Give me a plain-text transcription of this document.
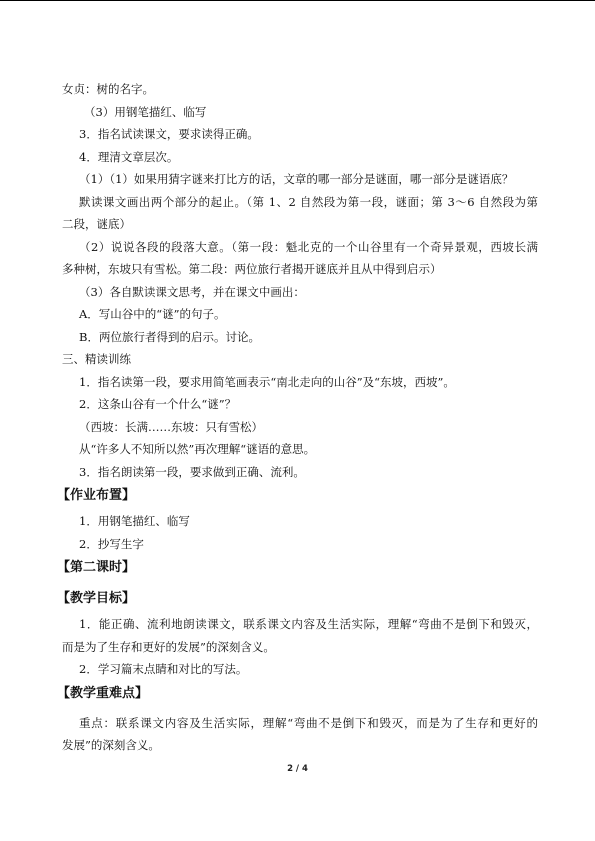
女贞：树的名字。
（3）用钢笔描红、临写
3．指名试读课文，要求读得正确。
4．理清文章层次。
（1）（1）如果用猜字谜来打比方的话，文章的哪一部分是谜面，哪一部分是谜语底？
默读课文画出两个部分的起止。（第 1、2 自然段为第一段，谜面；第 3～6 自然段为第
二段，谜底）
（2）说说各段的段落大意。（第一段：魁北克的一个山谷里有一个奇异景观，西坡长满
多种树，东坡只有雪松。第二段：两位旅行者揭开谜底并且从中得到启示）
（3）各自默读课文思考，并在课文中画出：
A．写山谷中的“谜”的句子。
B．两位旅行者得到的启示。讨论。
三、精读训练
1．指名读第一段，要求用简笔画表示“南北走向的山谷”及“东坡，西坡”。
2．这条山谷有一个什么“谜”？
（西坡：长满……东坡：只有雪松）
从“许多人不知所以然”再次理解“谜语的意思。
3．指名朗读第一段，要求做到正确、流利。
【作业布置】
1．用钢笔描红、临写
2．抄写生字
【第二课时】
【教学目标】
1．能正确、流利地朗读课文，联系课文内容及生活实际，理解“弯曲不是倒下和毁灭，
而是为了生存和更好的发展”的深刻含义。
2．学习篇末点睛和对比的写法。
【教学重难点】
重点：联系课文内容及生活实际，理解“弯曲不是倒下和毁灭，而是为了生存和更好的
发展”的深刻含义。
2 / 4
